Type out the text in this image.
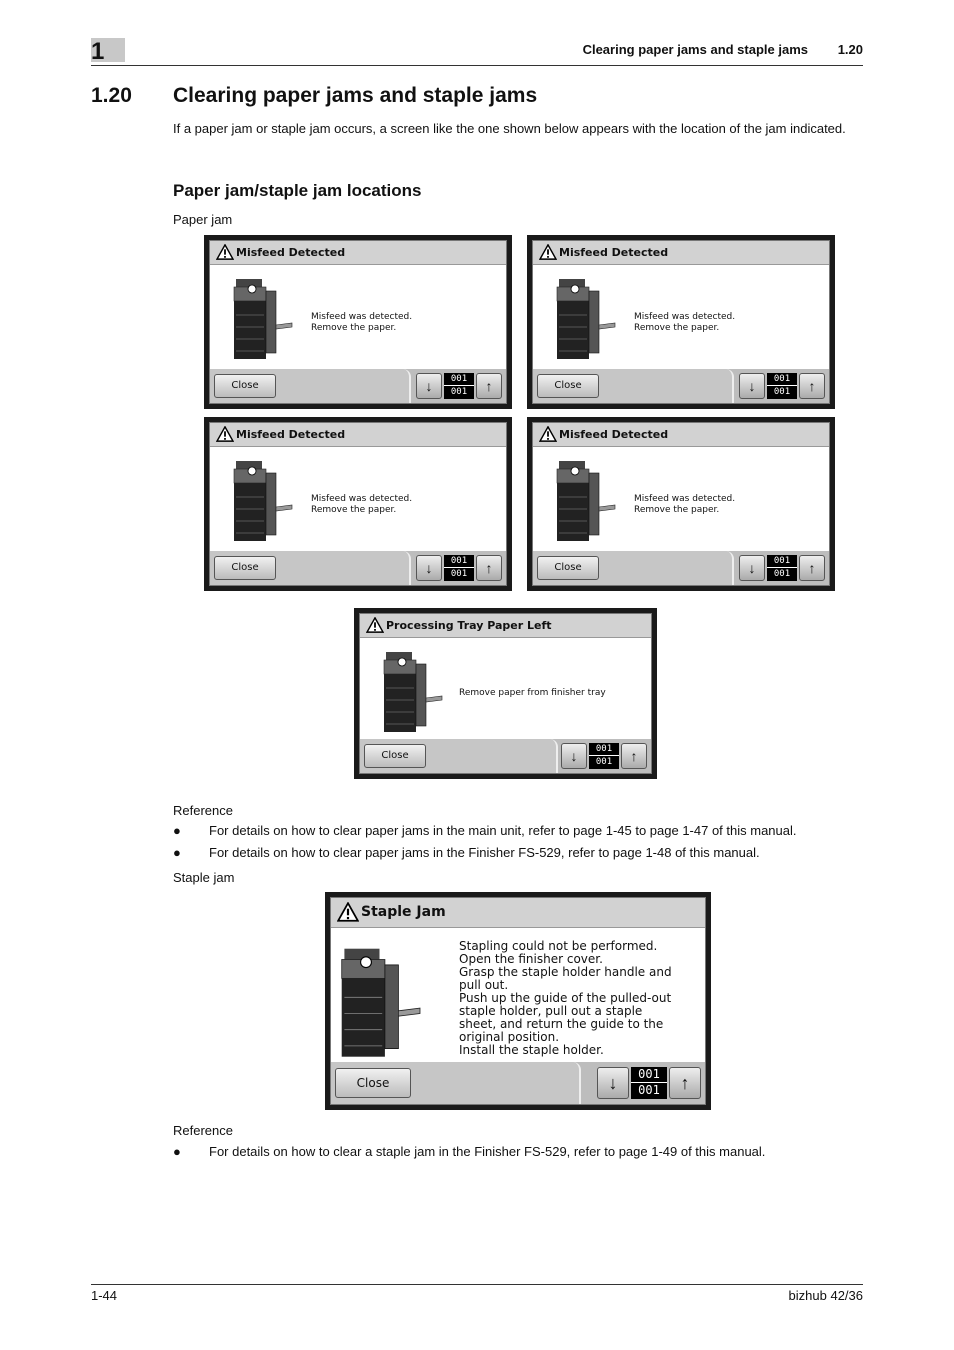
1	Clearing paper jams and staple jams 1.20
1.20 Clearing paper jams and staple jams
If a paper jam or staple jam occurs, a screen like the one shown below appears with the location of the jam indicated.
Paper jam/staple jam locations
Paper jam
Misfeed Detected
Misfeed was detected.
Remove the paper.
Close	↓	001
001	↑
Misfeed Detected
Misfeed was detected.
Remove the paper.
Close	↓	001
001	↑
Misfeed Detected
Misfeed was detected.
Remove the paper.
Close	↓	001
001	↑
Misfeed Detected
Misfeed was detected.
Remove the paper.
Close	↓	001
001	↑
Processing Tray Paper Left
Remove paper from finisher tray
Close	↓	001
001	↑
Staple Jam
Stapling could not be performed.
Open the finisher cover.
Grasp the staple holder handle and
pull out.
Push up the guide of the pulled-out
staple holder, pull out a staple
sheet, and return the guide to the
original position.
Install the staple holder.
Close	↓	001
001	↑
Reference
● For details on how to clear paper jams in the main unit, refer to page 1-45 to page 1-47 of this manual.
● For details on how to clear paper jams in the Finisher FS-529, refer to page 1-48 of this manual.
Staple jam
Reference
● For details on how to clear a staple jam in the Finisher FS-529, refer to page 1-49 of this manual.
1-44	bizhub 42/36
